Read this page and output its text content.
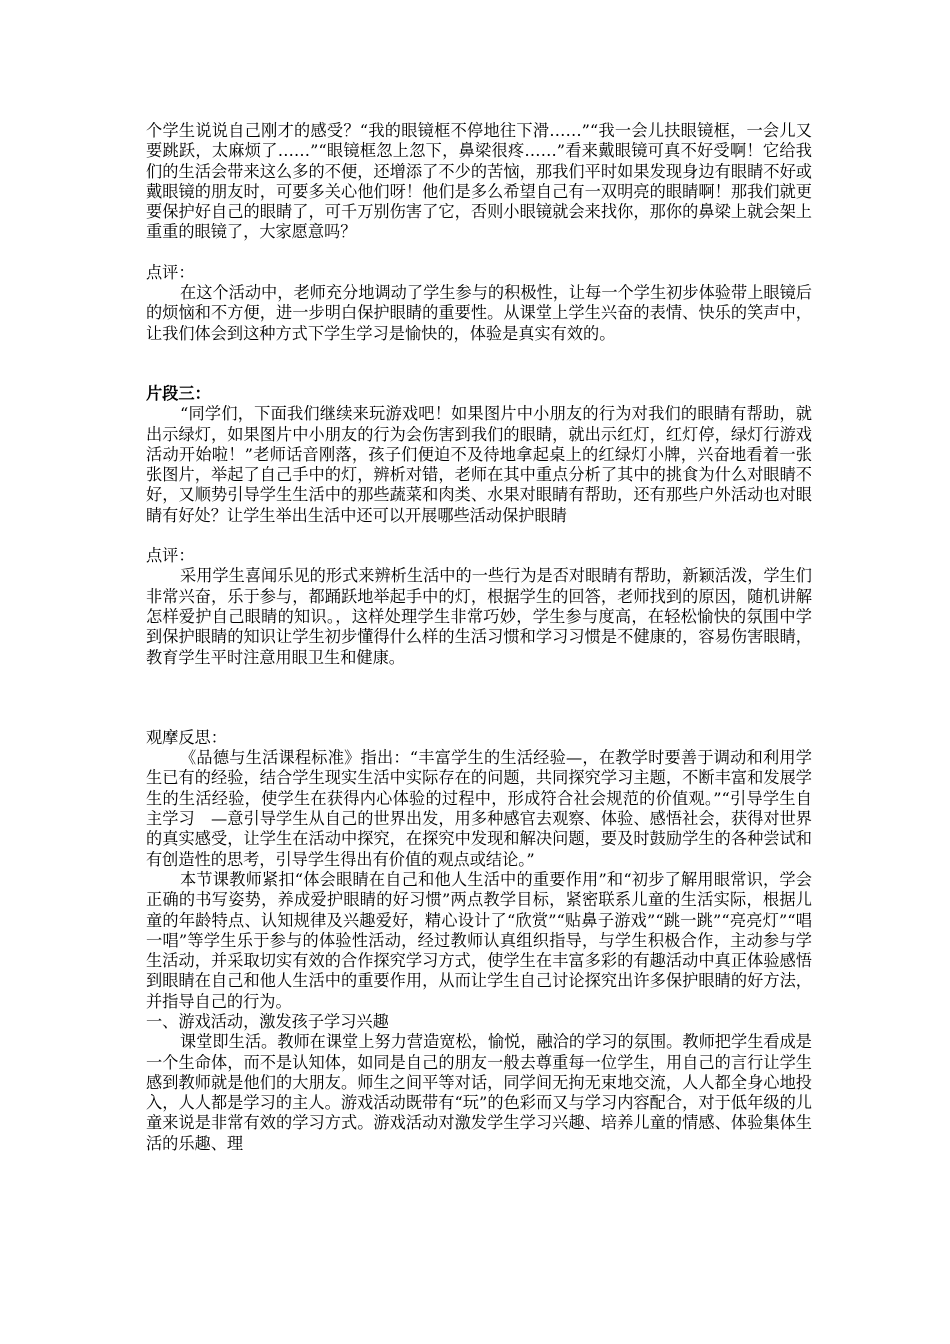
个学生说说自己刚才的感受？“我的眼镜框不停地往下滑……”“我一会儿扶眼镜框，一会儿又要跳跃，太麻烦了……”“眼镜框忽上忽下，鼻梁很疼……”看来戴眼镜可真不好受啊！它给我们的生活会带来这么多的不便，还增添了不少的苦恼，那我们平时如果发现身边有眼睛不好或戴眼镜的朋友时，可要多关心他们呀！他们是多么希望自己有一双明亮的眼睛啊！那我们就更要保护好自己的眼睛了，可千万别伤害了它，否则小眼镜就会来找你，那你的鼻梁上就会架上重重的眼镜了，大家愿意吗？

点评：

在这个活动中，老师充分地调动了学生参与的积极性，让每一个学生初步体验带上眼镜后的烦恼和不方便，进一步明白保护眼睛的重要性。从课堂上学生兴奋的表情、快乐的笑声中，让我们体会到这种方式下学生学习是愉快的，体验是真实有效的。

片段三：

“同学们，下面我们继续来玩游戏吧！如果图片中小朋友的行为对我们的眼睛有帮助，就出示绿灯，如果图片中小朋友的行为会伤害到我们的眼睛，就出示红灯，红灯停，绿灯行游戏活动开始啦！”老师话音刚落，孩子们便迫不及待地拿起桌上的红绿灯小牌，兴奋地看着一张张图片，举起了自己手中的灯，辨析对错，老师在其中重点分析了其中的挑食为什么对眼睛不好，又顺势引导学生生活中的那些蔬菜和肉类、水果对眼睛有帮助，还有那些户外活动也对眼睛有好处？让学生举出生活中还可以开展哪些活动保护眼睛

点评：

采用学生喜闻乐见的形式来辨析生活中的一些行为是否对眼睛有帮助，新颖活泼，学生们非常兴奋，乐于参与，都踊跃地举起手中的灯，根据学生的回答，老师找到的原因，随机讲解怎样爱护自己眼睛的知识。，这样处理学生非常巧妙，学生参与度高，在轻松愉快的氛围中学到保护眼睛的知识让学生初步懂得什么样的生活习惯和学习习惯是不健康的，容易伤害眼睛，教育学生平时注意用眼卫生和健康。

观摩反思：

《品德与生活课程标准》指出：“丰富学生的生活经验—，在教学时要善于调动和利用学生已有的经验，结合学生现实生活中实际存在的问题，共同探究学习主题，不断丰富和发展学生的生活经验，使学生在获得内心体验的过程中，形成符合社会规范的价值观。”“引导学生自主学习　—意引导学生从自己的世界出发，用多种感官去观察、体验、感悟社会，获得对世界的真实感受，让学生在活动中探究，在探究中发现和解决问题，要及时鼓励学生的各种尝试和有创造性的思考，引导学生得出有价值的观点或结论。”

本节课教师紧扣“体会眼睛在自己和他人生活中的重要作用”和“初步了解用眼常识，学会正确的书写姿势，养成爱护眼睛的好习惯”两点教学目标，紧密联系儿童的生活实际，根据儿童的年龄特点、认知规律及兴趣爱好，精心设计了“欣赏”“贴鼻子游戏”“跳一跳”“亮亮灯”“唱一唱”等学生乐于参与的体验性活动，经过教师认真组织指导，与学生积极合作，主动参与学生活动，并采取切实有效的合作探究学习方式，使学生在丰富多彩的有趣活动中真正体验感悟到眼睛在自己和他人生活中的重要作用，从而让学生自己讨论探究出许多保护眼睛的好方法，并指导自己的行为。

一、游戏活动，激发孩子学习兴趣

课堂即生活。教师在课堂上努力营造宽松，愉悦，融洽的学习的氛围。教师把学生看成是一个生命体，而不是认知体，如同是自己的朋友一般去尊重每一位学生，用自己的言行让学生感到教师就是他们的大朋友。师生之间平等对话，同学间无拘无束地交流，人人都全身心地投入，人人都是学习的主人。游戏活动既带有“玩”的色彩而又与学习内容配合，对于低年级的儿童来说是非常有效的学习方式。游戏活动对激发学生学习兴趣、培养儿童的情感、体验集体生活的乐趣、理
